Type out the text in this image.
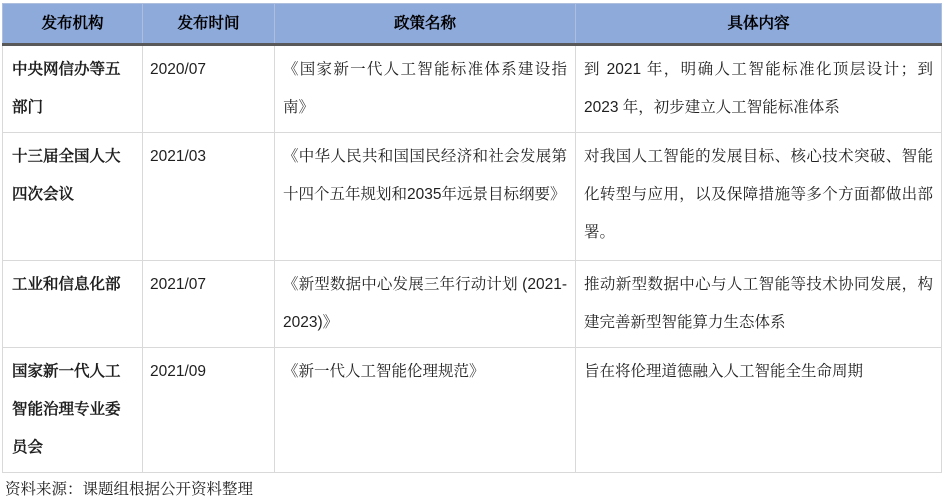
发布机构	发布时间	政策名称	具体内容
中央网信办等五部门	2020/07	《国家新一代人工智能标准体系建设指南》	到 2021 年，明确人工智能标准化顶层设计；到 2023 年，初步建立人工智能标准体系
十三届全国人大四次会议	2021/03	《中华人民共和国国民经济和社会发展第十四个五年规划和2035年远景目标纲要》	对我国人工智能的发展目标、核心技术突破、智能化转型与应用，以及保障措施等多个方面都做出部署。
工业和信息化部	2021/07	《新型数据中心发展三年行动计划 (2021-2023)》	推动新型数据中心与人工智能等技术协同发展，构建完善新型智能算力生态体系
国家新一代人工智能治理专业委员会	2021/09	《新一代人工智能伦理规范》	旨在将伦理道德融入人工智能全生命周期
资料来源：课题组根据公开资料整理
